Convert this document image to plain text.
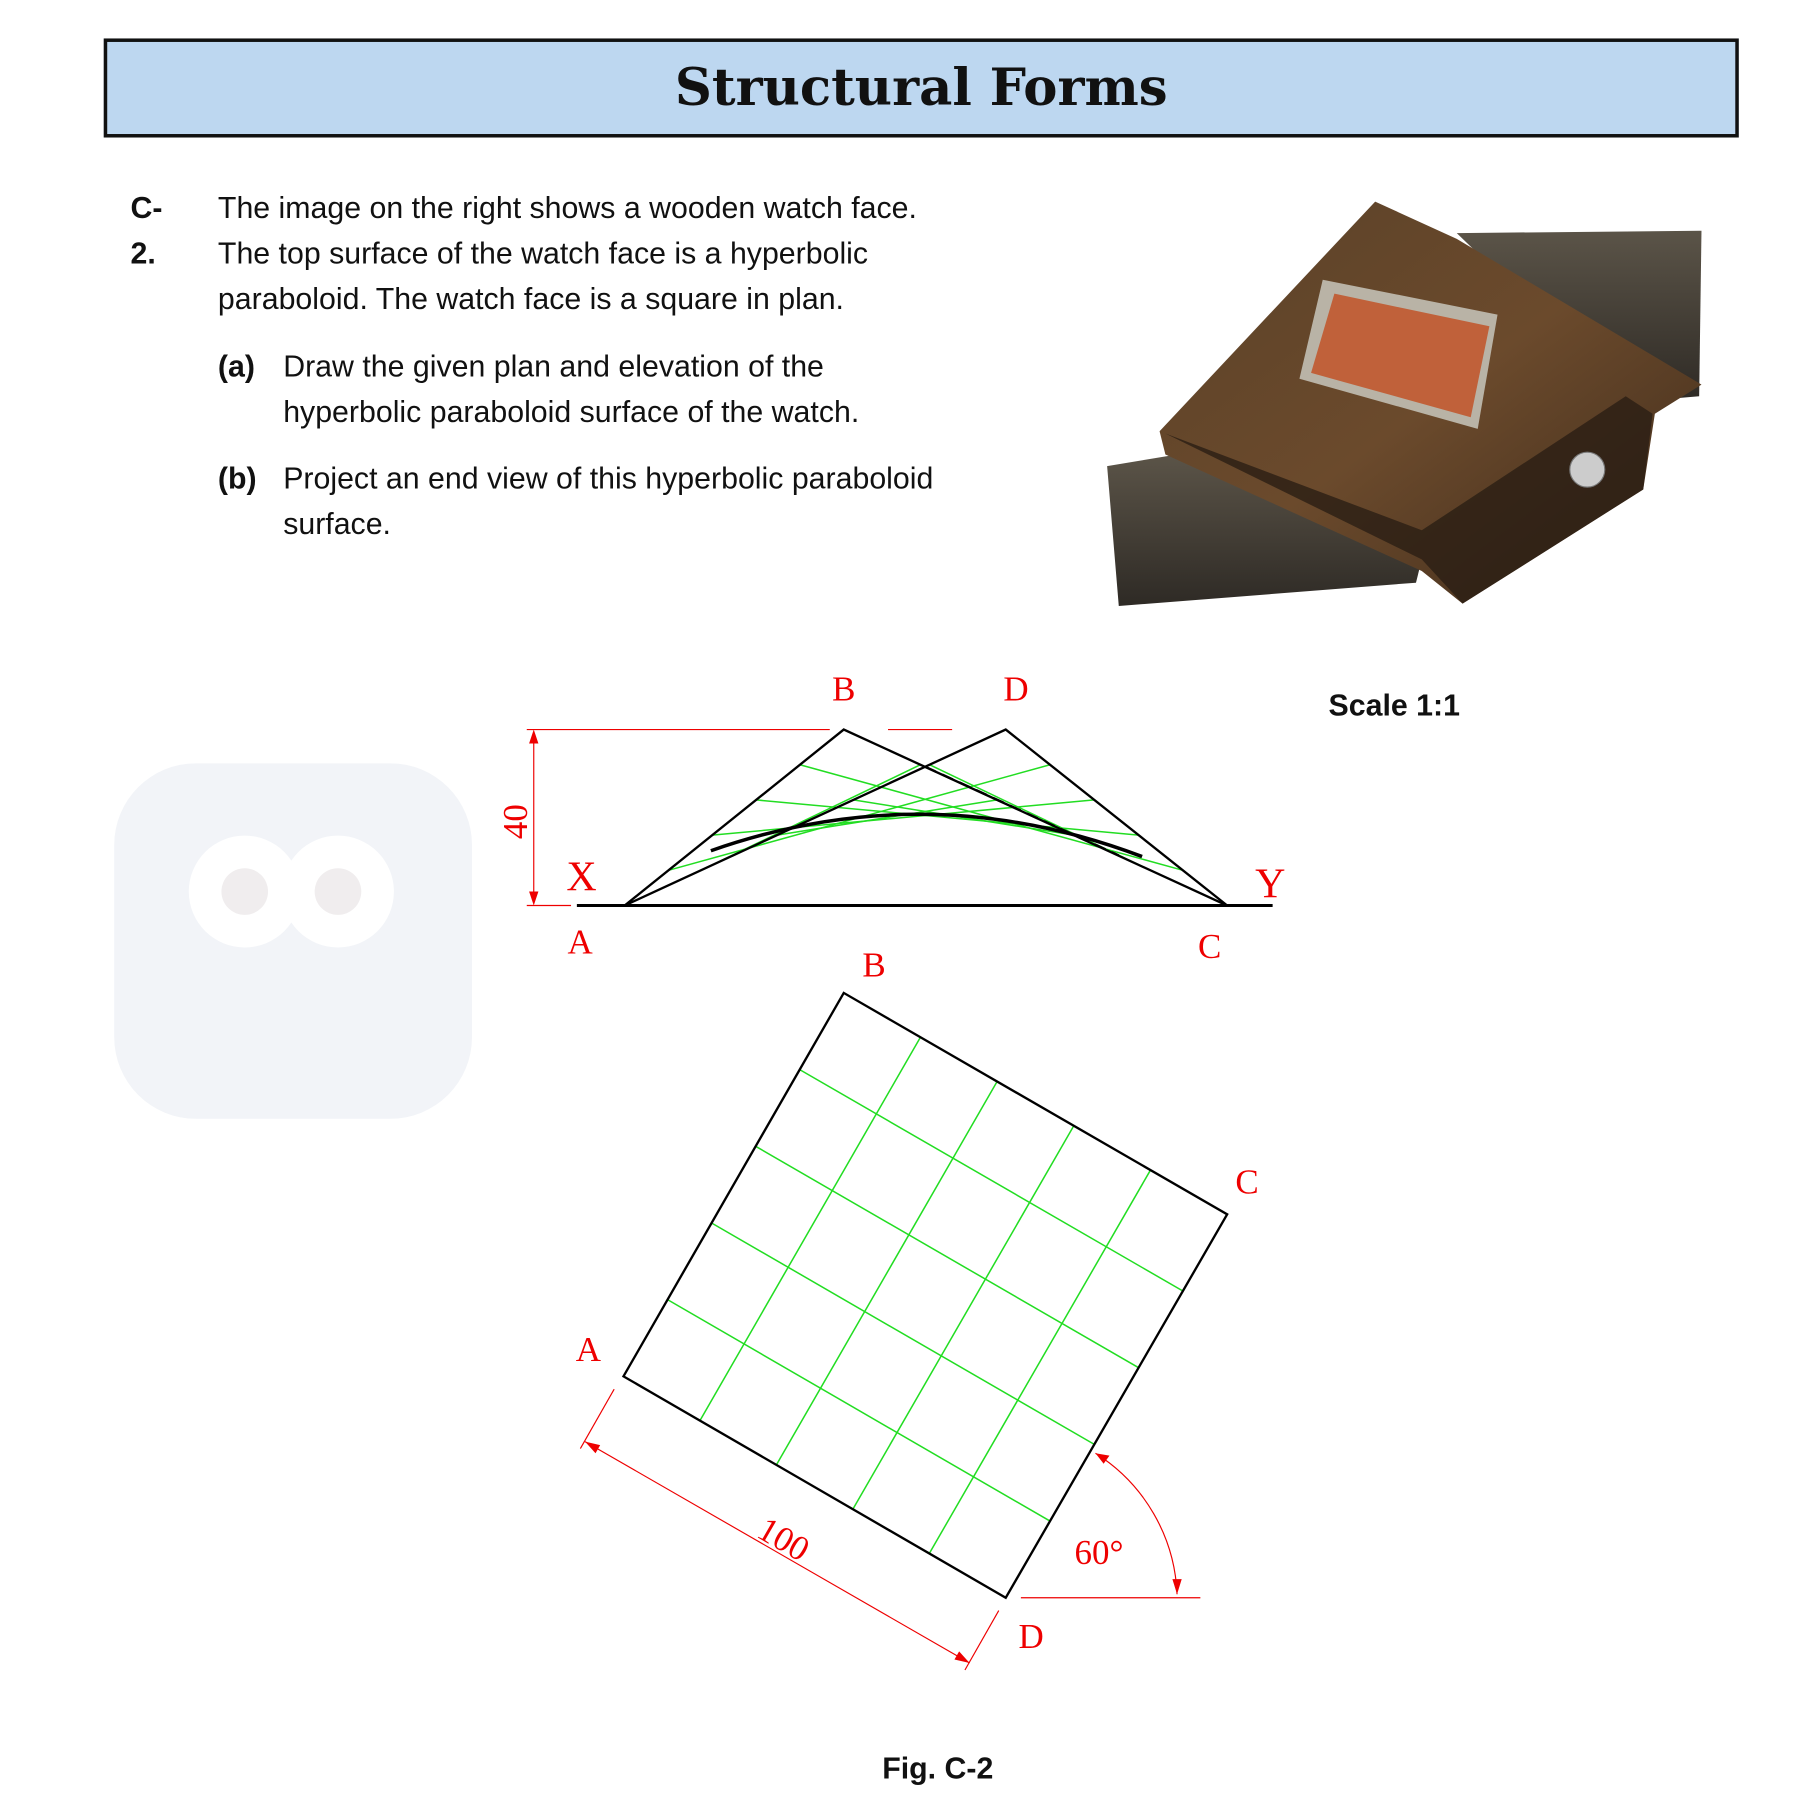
Structural Forms
C-2.
The image on the right shows a wooden watch face.
The top surface of the watch face is a hyperbolic
paraboloid. The watch face is a square in plan.
(a) Draw the given plan and elevation of the
hyperbolic paraboloid surface of the watch.
(b) Project an end view of this hyperbolic paraboloid
surface.
Scale 1:1
40
B	D
X	Y
A	C
B
C
A
D
100	60°
Fig. C-2
